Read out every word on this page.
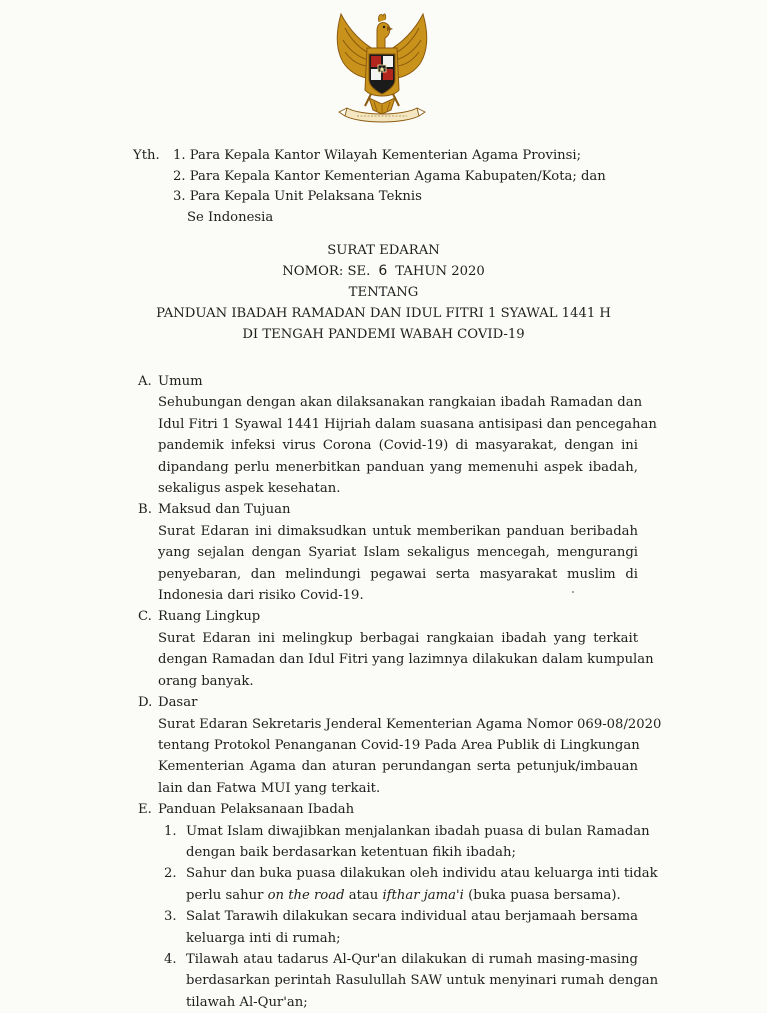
Yth. 1. Para Kepala Kantor Wilayah Kementerian Agama Provinsi;
2. Para Kepala Kantor Kementerian Agama Kabupaten/Kota; dan
3. Para Kepala Unit Pelaksana Teknis
Se Indonesia
SURAT EDARAN
NOMOR: SE. 6 TAHUN 2020
TENTANG
PANDUAN IBADAH RAMADAN DAN IDUL FITRI 1 SYAWAL 1441 H
DI TENGAH PANDEMI WABAH COVID-19
A. Umum
Sehubungan dengan akan dilaksanakan rangkaian ibadah Ramadan dan
Idul Fitri 1 Syawal 1441 Hijriah dalam suasana antisipasi dan pencegahan
pandemik infeksi virus Corona (Covid-19) di masyarakat, dengan ini
dipandang perlu menerbitkan panduan yang memenuhi aspek ibadah,
sekaligus aspek kesehatan.
B. Maksud dan Tujuan
Surat Edaran ini dimaksudkan untuk memberikan panduan beribadah
yang sejalan dengan Syariat Islam sekaligus mencegah, mengurangi
penyebaran, dan melindungi pegawai serta masyarakat muslim di
Indonesia dari risiko Covid-19.
C. Ruang Lingkup
Surat Edaran ini melingkup berbagai rangkaian ibadah yang terkait
dengan Ramadan dan Idul Fitri yang lazimnya dilakukan dalam kumpulan
orang banyak.
D. Dasar
Surat Edaran Sekretaris Jenderal Kementerian Agama Nomor 069-08/2020
tentang Protokol Penanganan Covid-19 Pada Area Publik di Lingkungan
Kementerian Agama dan aturan perundangan serta petunjuk/imbauan
lain dan Fatwa MUI yang terkait.
E. Panduan Pelaksanaan Ibadah
1. Umat Islam diwajibkan menjalankan ibadah puasa di bulan Ramadan
dengan baik berdasarkan ketentuan fikih ibadah;
2. Sahur dan buka puasa dilakukan oleh individu atau keluarga inti tidak
perlu sahur on the road atau ifthar jama'i (buka puasa bersama).
3. Salat Tarawih dilakukan secara individual atau berjamaah bersama
keluarga inti di rumah;
4. Tilawah atau tadarus Al-Qur'an dilakukan di rumah masing-masing
berdasarkan perintah Rasulullah SAW untuk menyinari rumah dengan
tilawah Al-Qur'an;
